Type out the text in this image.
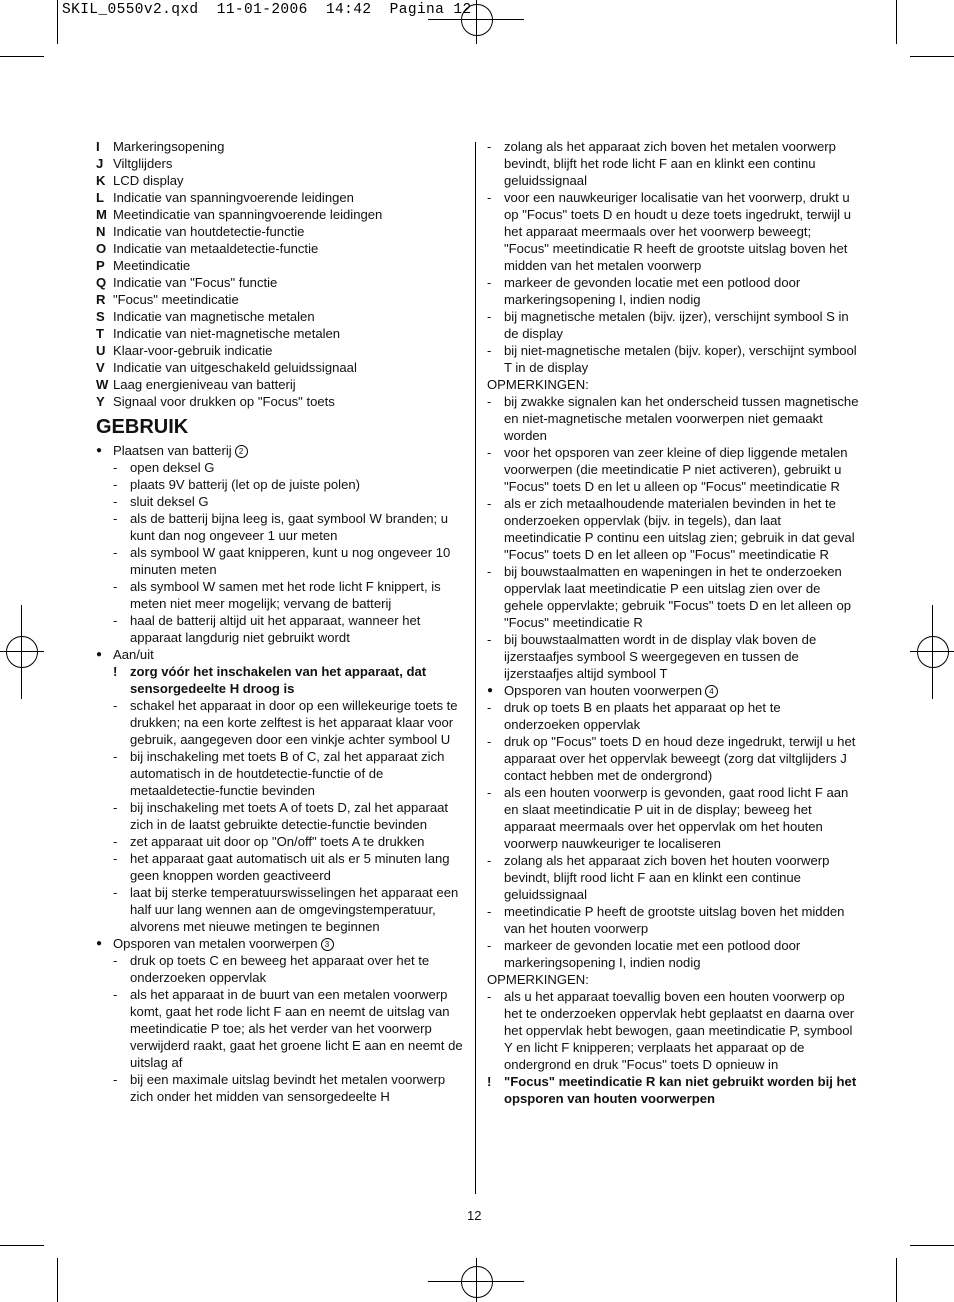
SKIL_0550v2.qxd  11-01-2006  14:42  Pagina 12
I	Markeringsopening
J Viltglijders
K LCD display
L Indicatie van spanningvoerende leidingen
M Meetindicatie van spanningvoerende leidingen
N Indicatie van houtdetectie-functie
O Indicatie van metaaldetectie-functie
P Meetindicatie
Q Indicatie van "Focus" functie
R "Focus" meetindicatie
S Indicatie van magnetische metalen
T Indicatie van niet-magnetische metalen
U Klaar-voor-gebruik indicatie
V Indicatie van uitgeschakeld geluidssignaal
W Laag energieniveau van batterij
Y Signaal voor drukken op "Focus" toets
GEBRUIK
● Plaatsen van batterij 2
- open deksel G
- plaats 9V batterij (let op de juiste polen)
- sluit deksel G
- als de batterij bijna leeg is, gaat symbool W branden; u kunt dan nog ongeveer 1 uur meten
- als symbool W gaat knipperen, kunt u nog ongeveer 10 minuten meten
- als symbool W samen met het rode licht F knippert, is meten niet meer mogelijk; vervang de batterij
- haal de batterij altijd uit het apparaat, wanneer het apparaat langdurig niet gebruikt wordt
● Aan/uit
! zorg vóór het inschakelen van het apparaat, dat sensorgedeelte H droog is
- schakel het apparaat in door op een willekeurige toets te drukken; na een korte zelftest is het apparaat klaar voor gebruik, aangegeven door een vinkje achter symbool U
- bij inschakeling met toets B of C, zal het apparaat zich automatisch in de houtdetectie-functie of de metaaldetectie-functie bevinden
- bij inschakeling met toets A of toets D, zal het apparaat zich in de laatst gebruikte detectie-functie bevinden
- zet apparaat uit door op "On/off" toets A te drukken
- het apparaat gaat automatisch uit als er 5 minuten lang geen knoppen worden geactiveerd
- laat bij sterke temperatuurswisselingen het apparaat een half uur lang wennen aan de omgevingstemperatuur, alvorens met nieuwe metingen te beginnen
● Opsporen van metalen voorwerpen 3
- druk op toets C en beweeg het apparaat over het te onderzoeken oppervlak
- als het apparaat in de buurt van een metalen voorwerp komt, gaat het rode licht F aan en neemt de uitslag van meetindicatie P toe; als het verder van het voorwerp verwijderd raakt, gaat het groene licht E aan en neemt de uitslag af
- bij een maximale uitslag bevindt het metalen voorwerp zich onder het midden van sensorgedeelte H
- zolang als het apparaat zich boven het metalen voorwerp bevindt, blijft het rode licht F aan en klinkt een continu geluidssignaal
- voor een nauwkeuriger localisatie van het voorwerp, drukt u op "Focus" toets D en houdt u deze toets ingedrukt, terwijl u het apparaat meermaals over het voorwerp beweegt; "Focus" meetindicatie R heeft de grootste uitslag boven het midden van het metalen voorwerp
- markeer de gevonden locatie met een potlood door markeringsopening I, indien nodig
- bij magnetische metalen (bijv. ijzer), verschijnt symbool S in de display
- bij niet-magnetische metalen (bijv. koper), verschijnt symbool T in de display
OPMERKINGEN:
- bij zwakke signalen kan het onderscheid tussen magnetische en niet-magnetische metalen voorwerpen niet gemaakt worden
- voor het opsporen van zeer kleine of diep liggende metalen voorwerpen (die meetindicatie P niet activeren), gebruikt u "Focus" toets D en let u alleen op "Focus" meetindicatie R
- als er zich metaalhoudende materialen bevinden in het te onderzoeken oppervlak (bijv. in tegels), dan laat meetindicatie P continu een uitslag zien; gebruik in dat geval "Focus" toets D en let alleen op "Focus" meetindicatie R
- bij bouwstaalmatten en wapeningen in het te onderzoeken oppervlak laat meetindicatie P een uitslag zien over de gehele oppervlakte; gebruik "Focus" toets D en let alleen op "Focus" meetindicatie R
- bij bouwstaalmatten wordt in de display vlak boven de ijzerstaafjes symbool S weergegeven en tussen de ijzerstaafjes altijd symbool T
● Opsporen van houten voorwerpen 4
- druk op toets B en plaats het apparaat op het te onderzoeken oppervlak
- druk op "Focus" toets D en houd deze ingedrukt, terwijl u het apparaat over het oppervlak beweegt (zorg dat viltglijders J contact hebben met de ondergrond)
- als een houten voorwerp is gevonden, gaat rood licht F aan en slaat meetindicatie P uit in de display; beweeg het apparaat meermaals over het oppervlak om het houten voorwerp nauwkeuriger te localiseren
- zolang als het apparaat zich boven het houten voorwerp bevindt, blijft rood licht F aan en klinkt een continue geluidssignaal
- meetindicatie P heeft de grootste uitslag boven het midden van het houten voorwerp
- markeer de gevonden locatie met een potlood door markeringsopening I, indien nodig
OPMERKINGEN:
- als u het apparaat toevallig boven een houten voorwerp op het te onderzoeken oppervlak hebt geplaatst en daarna over het oppervlak hebt bewogen, gaan meetindicatie P, symbool Y en licht F knipperen; verplaats het apparaat op de ondergrond en druk "Focus" toets D opnieuw in
! "Focus" meetindicatie R kan niet gebruikt worden bij het opsporen van houten voorwerpen
12
